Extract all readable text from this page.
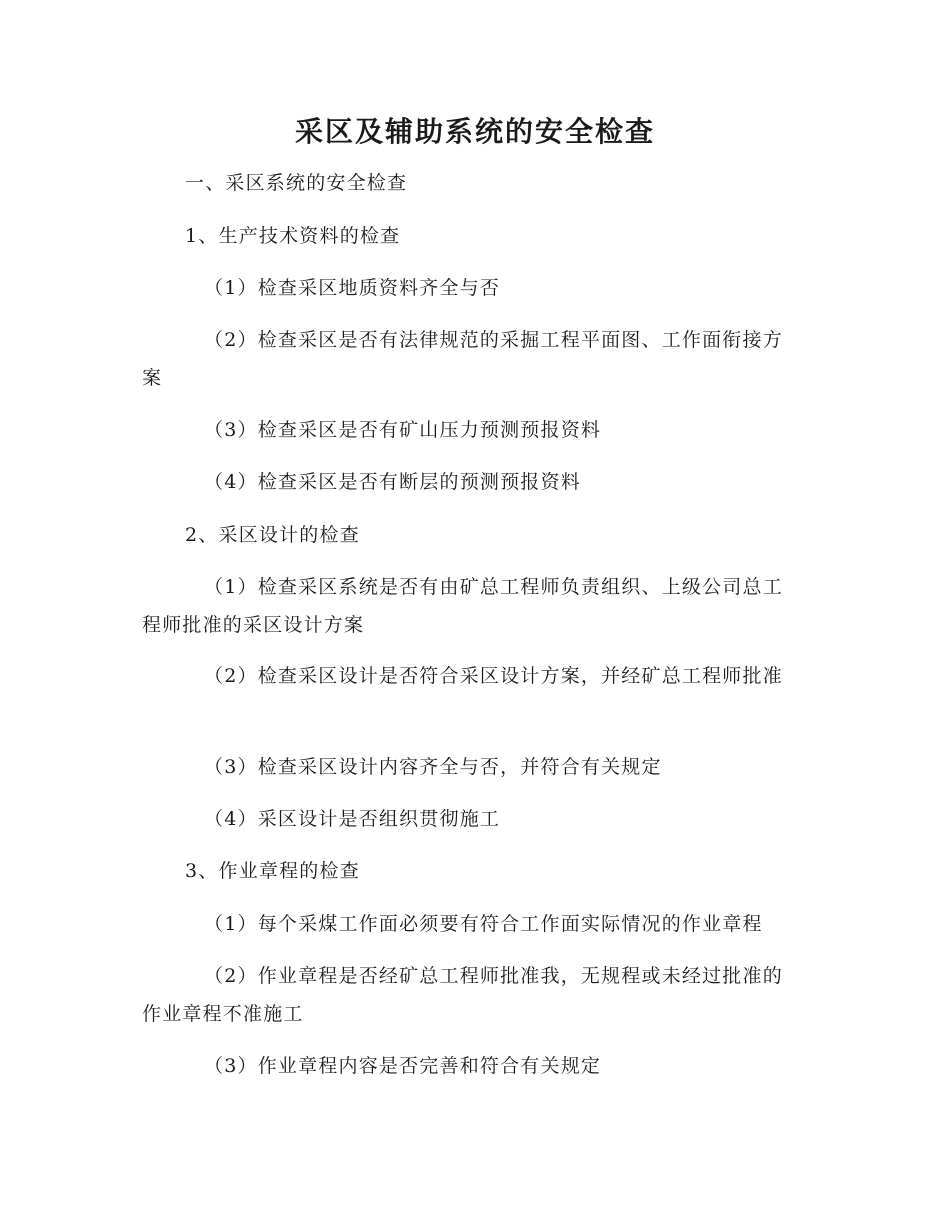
采区及辅助系统的安全检查
一、采区系统的安全检查
1、生产技术资料的检查
（1）检查采区地质资料齐全与否
（2）检查采区是否有法律规范的采掘工程平面图、工作面衔接方案
（3）检查采区是否有矿山压力预测预报资料
（4）检查采区是否有断层的预测预报资料
2、采区设计的检查
（1）检查采区系统是否有由矿总工程师负责组织、上级公司总工程师批准的采区设计方案
（2）检查采区设计是否符合采区设计方案，并经矿总工程师批准
（3）检查采区设计内容齐全与否，并符合有关规定
（4）采区设计是否组织贯彻施工
3、作业章程的检查
（1）每个采煤工作面必须要有符合工作面实际情况的作业章程
（2）作业章程是否经矿总工程师批准我，无规程或未经过批准的作业章程不准施工
（3）作业章程内容是否完善和符合有关规定
